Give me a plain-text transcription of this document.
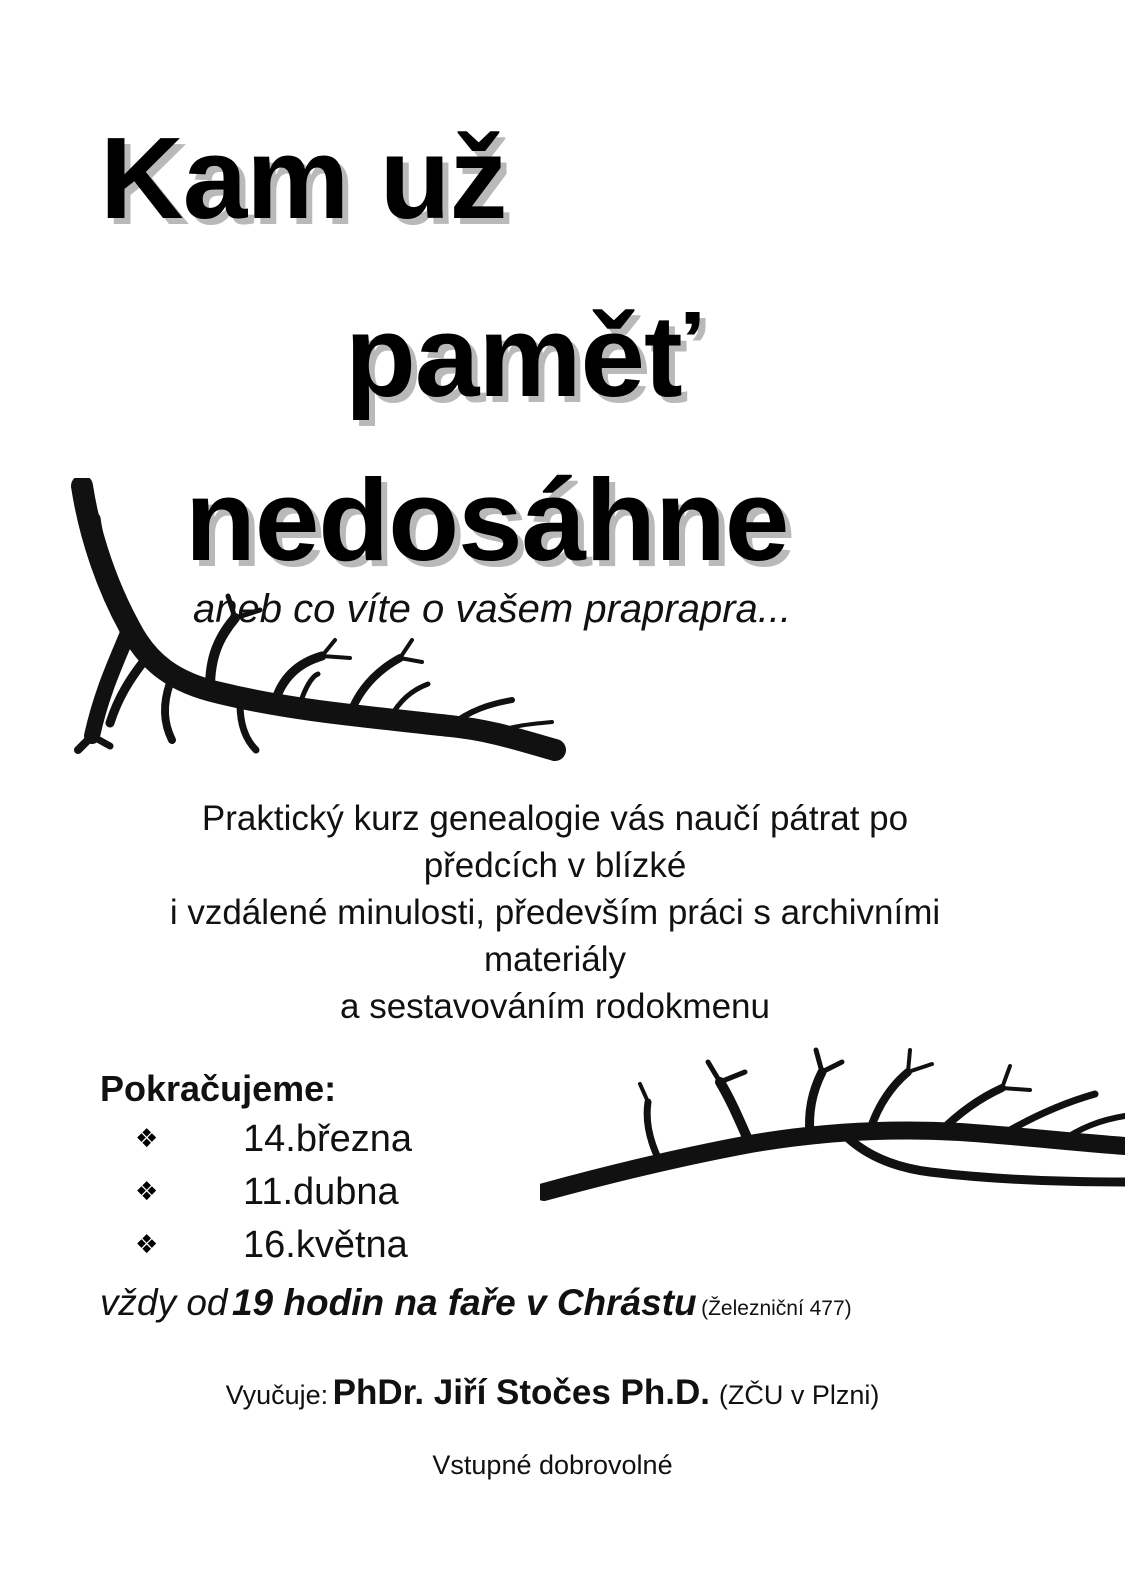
Kam už
paměť
nedosáhne
aneb co víte o vašem praprapra...
Praktický kurz genealogie vás naučí pátrat po
předcích v blízké
i vzdálené minulosti, především práci s archivními
materiály
a sestavováním rodokmenu
Pokračujeme:
❖	14.března
❖	11.dubna
❖	16.května
vždy od 19 hodin na faře v Chrástu (Železniční 477)
Vyučuje: PhDr. Jiří Stočes Ph.D. (ZČU v Plzni)
Vstupné dobrovolné
